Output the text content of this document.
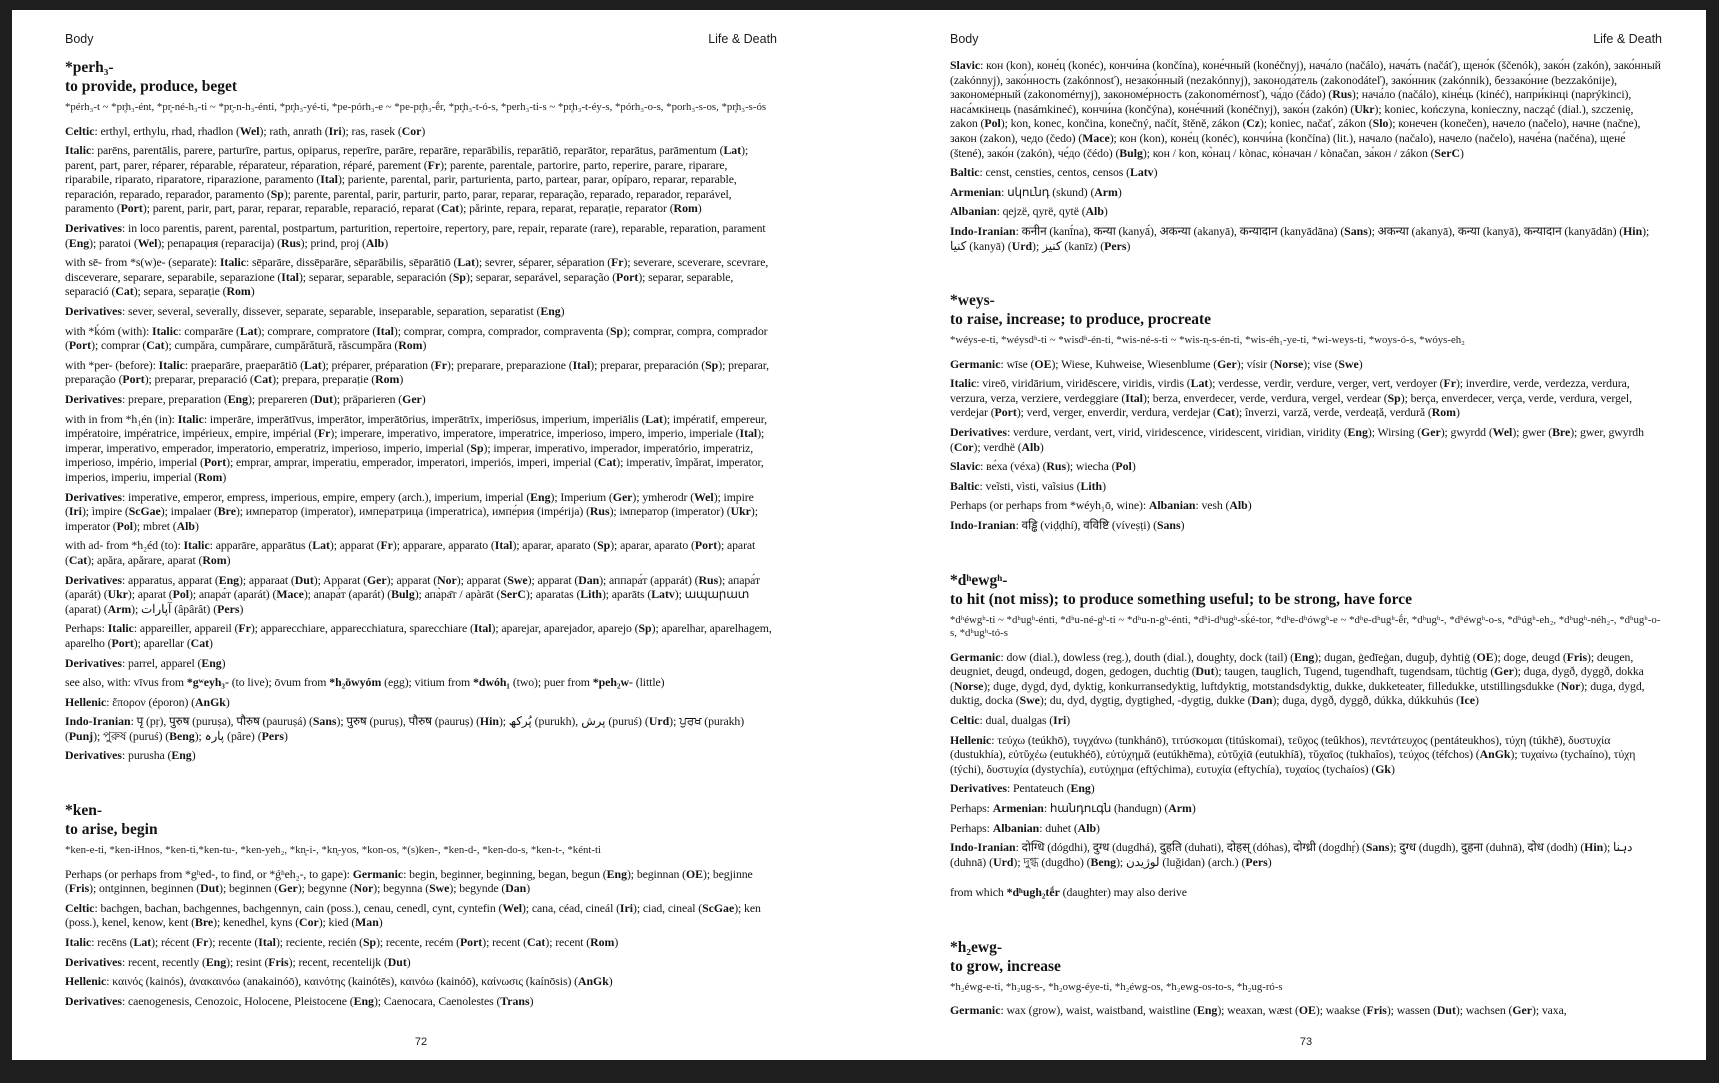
Body	Life & Death
*perh₃-
to provide, produce, beget
*pérh₃-t ~ *pr̥h₃-ént, *pr̥-né-h₃-ti ~ *pr̥-n-h₃-énti, *pr̥h₃-yé-ti, *pe-pórh₃-e ~ *pe-pr̥h₃-ḗr, *pr̥h₃-t-ó-s, *perh₃-ti-s ~ *pr̥h₃-t-éy-s, *pórh₃-o-s, *porh₃-s-os, *pr̥h₃-s-ós

Celtic: erthyl, erthylu, rhad, rhadlon (Wel); rath, anrath (Iri); ras, rasek (Cor)

Italic: parēns, parentālis, parere, parturīre, partus, opiparus, reperīre, parāre, reparāre, reparābilis, reparātiō, reparātor, reparātus, parāmentum (Lat); parent, part, parer, réparer, réparable, réparateur, réparation, réparé, parement (Fr); parente, parentale, partorire, parto, reperire, parare, riparare, riparabile, riparato, riparatore, riparazione, paramento (Ital); pariente, parental, parir, parturienta, parto, partear, parar, opíparo, reparar, reparable, reparación, reparado, reparador, paramento (Sp); parente, parental, parir, parturir, parto, parar, reparar, reparação, reparado, reparador, reparável, paramento (Port); parent, parir, part, parar, reparar, reparable, reparació, reparat (Cat); părinte, repara, reparat, reparație, reparator (Rom)

Derivatives: in loco parentis, parent, parental, postpartum, parturition, repertoire, repertory, pare, repair, reparate (rare), reparable, reparation, parament (Eng); paratoi (Wel); репарация (reparacija) (Rus); prind, proj (Alb)

with sē- from *s(w)e- (separate): Italic: sēparāre, dissēparāre, sēparābilis, sēparātiō (Lat); sevrer, séparer, séparation (Fr); severare, sceverare, scevrare, disceverare, separare, separabile, separazione (Ital); separar, separable, separación (Sp); separar, separável, separação (Port); separar, separable, separació (Cat); separa, separație (Rom)

Derivatives: sever, several, severally, dissever, separate, separable, inseparable, separation, separatist (Eng)

with *ḱóm (with): Italic: comparāre (Lat); comprare, compratore (Ital); comprar, compra, comprador, compraventa (Sp); comprar, compra, comprador (Port); comprar (Cat); cumpăra, cumpărare, cumpărătură, răscumpăra (Rom)

with *per- (before): Italic: praeparāre, praeparātiō (Lat); préparer, préparation (Fr); preparare, preparazione (Ital); preparar, preparación (Sp); preparar, preparação (Port); preparar, preparació (Cat); prepara, preparație (Rom)

Derivatives: prepare, preparation (Eng); prepareren (Dut); präparieren (Ger)

with in from *h₁én (in): Italic: imperāre, imperātīvus, imperātor, imperātōrius, imperātrīx, imperiōsus, imperium, imperiālis (Lat); impératif, empereur, impératoire, impératrice, impérieux, empire, impérial (Fr); imperare, imperativo, imperatore, imperatrice, imperioso, impero, imperio, imperiale (Ital); imperar, imperativo, emperador, imperatorio, emperatriz, imperioso, imperio, imperial (Sp); imperar, imperativo, imperador, imperatório, imperatriz, imperioso, império, imperial (Port); emprar, amprar, imperatiu, emperador, imperatori, imperiós, imperi, imperial (Cat); imperativ, împărat, imperator, imperios, imperiu, imperial (Rom)

Derivatives: imperative, emperor, empress, imperious, empire, empery (arch.), imperium, imperial (Eng); Imperium (Ger); ymherodr (Wel); impire (Iri); ìmpire (ScGae); impalaer (Bre); император (imperator), императрица (imperatrica), импе́рия (impérija) (Rus); імператор (imperator) (Ukr); imperator (Pol); mbret (Alb)

with ad- from *h₂éd (to): Italic: apparāre, apparātus (Lat); apparat (Fr); apparare, apparato (Ital); aparar, aparato (Sp); aparar, aparato (Port); aparat (Cat); apăra, apărare, aparat (Rom)

Derivatives: apparatus, apparat (Eng); apparaat (Dut); Apparat (Ger); apparat (Nor); apparat (Swe); apparat (Dan); аппара́т (apparát) (Rus); апара́т (aparát) (Ukr); aparat (Pol); апара́т (aparát) (Mace); апара́т (aparát) (Bulg); апа̀ра̄т / apàrāt (SerC); aparatas (Lith); aparāts (Latv); ապարատ (aparat) (Arm); آپارات (âpârât) (Pers)

Perhaps: Italic: appareiller, appareil (Fr); apparecchiare, apparecchiatura, sparecchiare (Ital); aparejar, aparejador, aparejo (Sp); aparelhar, aparelhagem, aparelho (Port); aparellar (Cat)

Derivatives: parrel, apparel (Eng)

see also, with: vīvus from *gʷeyh₃- (to live); ōvum from *h₂ōwyóm (egg); vitium from *dwóh₁ (two); puer from *peh₂w- (little)

Hellenic: ἔπορον (époron) (AnGk)

Indo-Iranian: पृ (pṛ), पुरुष (puruṣa), पौरुष (pauruṣá) (Sans); पुरुष (puruṣ), पौरुष (pauruṣ) (Hin); پُرکھ (purukh), پرش (puruś) (Urd); ਪੁਰਖ (purakh) (Punj); পুরুষ (puruś) (Beng); پارہ (pâre) (Pers)

Derivatives: purusha (Eng)

*ken-
to arise, begin
*ken-e-ti, *ken-iHnos, *ken-ti,*ken-tu-, *ken-yeh₂, *kn̥-i-, *kn̥-yos, *kon-os, *(s)ken-, *ken-d-, *ken-do-s, *ken-t-, *ként-ti

Perhaps (or perhaps from *gʰed-, to find, or *ǵʰeh₂-, to gape): Germanic: begin, beginner, beginning, began, begun (Eng); beginnan (OE); begjinne (Fris); ontginnen, beginnen (Dut); beginnen (Ger); begynne (Nor); begynna (Swe); begynde (Dan)

Celtic: bachgen, bachan, bachgennes, bachgennyn, cain (poss.), cenau, cenedl, cynt, cyntefin (Wel); cana, céad, cineál (Iri); ciad, cineal (ScGae); ken (poss.), kenel, kenow, kent (Bre); kenedhel, kyns (Cor); kied (Man)

Italic: recēns (Lat); récent (Fr); recente (Ital); reciente, recién (Sp); recente, recém (Port); recent (Cat); recent (Rom)

Derivatives: recent, recently (Eng); resint (Fris); recent, recentelijk (Dut)

Hellenic: καινός (kainós), ἀνακαινόω (anakainóō), καινότης (kainótēs), καινόω (kainóō), καίνωσις (kaínōsis) (AnGk)

Derivatives: caenogenesis, Cenozoic, Holocene, Pleistocene (Eng); Caenocara, Caenolestes (Trans)

72
Body	Life & Death

Slavic: кон (kon), коне́ц (konéc), кончи́на (končína), коне́чный (konéčnyj), нача́ло (načálo), нача́ть (načáť), щено́к (ščenók), зако́н (zakón), зако́нный (zakónnyj), зако́нность (zakónnosť), незако́нный (nezakónnyj), законода́тель (zakonodáteľ), зако́нник (zakónnik), беззако́ние (bezzakónije), закономе́рный (zakonomérnyj), закономе́рность (zakonomérnosť), ча́до (čádo) (Rus); нача́ло (načálo), кіне́ць (kinéć), напри́кінці (naprýkinci), наса́мкінець (nasámkineć), кончи́на (končýna), коне́чний (konéčnyj), зако́н (zakón) (Ukr); koniec, kończyna, konieczny, nacząć (dial.), szczenię, zakon (Pol); kon, konec, končina, konečný, načít, štěně, zákon (Cz); koniec, načať, zákon (Slo); конечен (konečen), начело (načelo), начне (načne), закон (zakon), чедо (čedo) (Mace); кон (kon), коне́ц (konéc), кончи́на (končína) (lit.), начало (načalo), начело (načelo), наче́на (načéna), щене́ (štené), зако́н (zakón), че́до (čédo) (Bulg); кон / kon, ко̀нац / kònac, ко̀начан / kònačan, за́кон / zákon (SerC)

Baltic: censt, censties, centos, censos (Latv)

Armenian: սկունդ (skund) (Arm)

Albanian: qejzë, qyrë, qytë (Alb)

Indo-Iranian: कनीन (kanī́na), कन्या (kanyā́), अकन्या (akanyā), कन्यादान (kanyādāna) (Sans); अकन्या (akanyā), कन्या (kanyā), कन्यादान (kanyādān) (Hin); کنیا (kanyā) (Urd); کنیز (kanīz) (Pers)

*weys-
to raise, increase; to produce, procreate
*wéys-e-ti, *wéysdʰ-ti ~ *wisdʰ-én-ti, *wis-né-s-ti ~ *wis-n̥-s-én-ti, *wis-éh₁-ye-ti, *wi-weys-ti, *woys-ó-s, *wóys-eh₂

Germanic: wīse (OE); Wiese, Kuhweise, Wiesenblume (Ger); vísir (Norse); vise (Swe)

Italic: vireō, viridārium, viridēscere, viridis, virdis (Lat); verdesse, verdir, verdure, verger, vert, verdoyer (Fr); inverdire, verde, verdezza, verdura, verzura, verza, verziere, verdeggiare (Ital); berza, enverdecer, verde, verdura, vergel, verdear (Sp); berça, enverdecer, verça, verde, verdura, vergel, verdejar (Port); verd, verger, enverdir, verdura, verdejar (Cat); înverzi, varză, verde, verdeață, verdură (Rom)

Derivatives: verdure, verdant, vert, virid, viridescence, viridescent, viridian, viridity (Eng); Wirsing (Ger); gwyrdd (Wel); gwer (Bre); gwer, gwyrdh (Cor); verdhë (Alb)

Slavic: ве́ха (véxa) (Rus); wiecha (Pol)

Baltic: veĩsti, vìsti, vaĩsius (Lith)

Perhaps (or perhaps from *wéyh₁ō, wine): Albanian: vesh (Alb)

Indo-Iranian: वड्ढि (viḍḍhí), वविष्टि (víveṣṭi) (Sans)

*dʰewgʰ-
to hit (not miss); to produce something useful; to be strong, have force
*dʰéwgʰ-ti ~ *dʰugʰ-énti, *dʰu-né-gʰ-ti ~ *dʰu-n-gʰ-énti, *dʰi-dʰugʰ-sḱé-tor, *dʰe-dʰówgʰ-e ~ *dʰe-dʰugʰ-ḗr, *dʰugʰ-, *dʰéwgʰ-o-s, *dʰúgʰ-eh₂, *dʰugʰ-néh₂-, *dʰugʰ-o-s, *dʰugʰ-tó-s

Germanic: dow (dial.), dowless (reg.), douth (dial.), doughty, dock (tail) (Eng); dugan, ġedīeġan, duguþ, dyhtiġ (OE); doge, deugd (Fris); deugen, deugniet, deugd, ondeugd, dogen, gedogen, duchtig (Dut); taugen, tauglich, Tugend, tugendhaft, tugendsam, tüchtig (Ger); duga, dygð, dyggð, dokka (Norse); duge, dygd, dyd, dyktig, konkurransedyktig, luftdyktig, motstandsdyktig, dukke, dukketeater, filledukke, utstillingsdukke (Nor); duga, dygd, duktig, docka (Swe); du, dyd, dygtig, dygtighed, -dygtig, dukke (Dan); duga, dygð, dyggð, dúkka, dúkkuhús (Ice)

Celtic: dual, dualgas (Iri)

Hellenic: τεύχω (teúkhō), τυγχάνω (tunkhánō), τιτύσκομαι (titúskomai), τεῦχος (teûkhos), πεντάτευχος (pentáteukhos), τύχη (túkhē), δυστυχία (dustukhía), εὐτῠχέω (eutukhéō), εὐτύχημᾰ (eutúkhēma), εὐτῠχίᾱ (eutukhíā), τῠχαῖος (tukhaîos), τεύχος (téfchos) (AnGk); τυχαίνω (tychaíno), τύχη (týchi), δυστυχία (dystychía), ευτύχημα (eftýchima), ευτυχία (eftychía), τυχαίος (tychaíos) (Gk)

Derivatives: Pentateuch (Eng)

Perhaps: Armenian: հանդուգն (handugn) (Arm)

Perhaps: Albanian: duhet (Alb)

Indo-Iranian: दोग्धि (dógdhi), दुग्ध (dugdhá), दुहति (duhati), दोहस् (dóhas), दोग्ध्री (dogdhṛ́) (Sans); दुग्ध (dugdh), दुहना (duhnā), दोध (dodh) (Hin); دہنا (duhnā) (Urd); দুগ্ধ (dugdho) (Beng); لوژیدن (luğidan) (arch.) (Pers)

from which *dʰugh₂tḗr (daughter) may also derive

*h₂ewg-
to grow, increase
*h₂éwg-e-ti, *h₂ug-s-, *h₂owg-éye-ti, *h₂éwg-os, *h₂ewg-os-to-s, *h₂ug-ró-s

Germanic: wax (grow), waist, waistband, waistline (Eng); weaxan, wæst (OE); waakse (Fris); wassen (Dut); wachsen (Ger); vaxa,

73
